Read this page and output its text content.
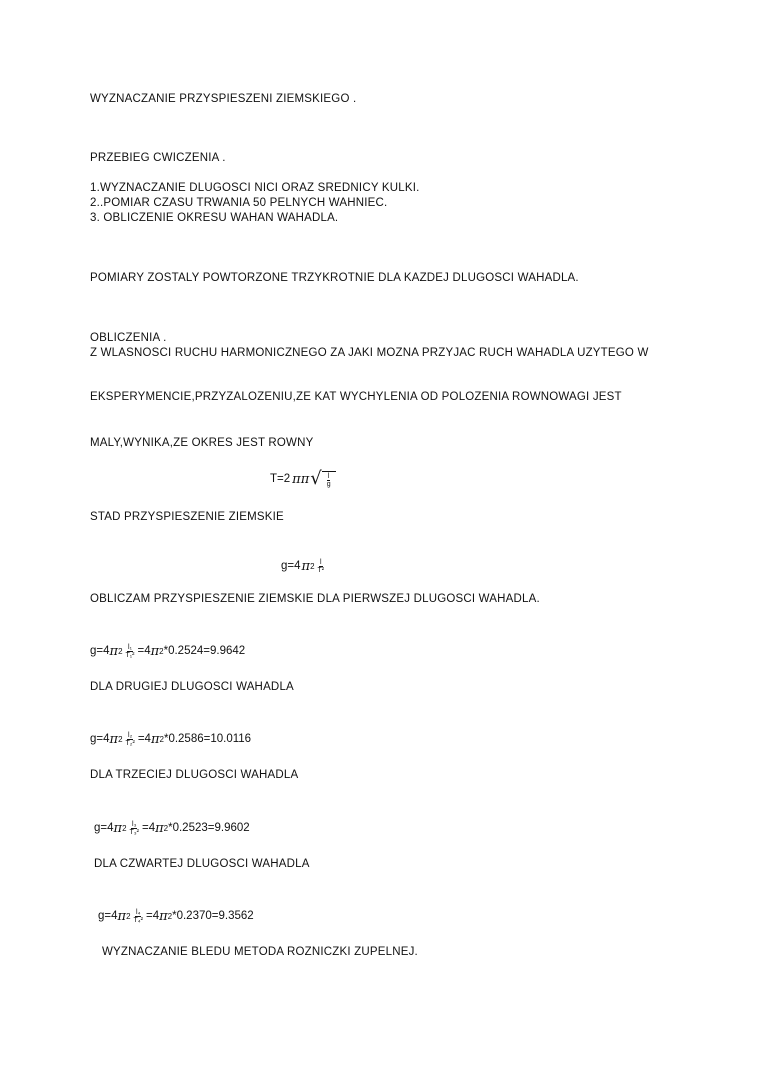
WYZNACZANIE PRZYSPIESZENI ZIEMSKIEGO .
PRZEBIEG CWICZENIA .
1.WYZNACZANIE DLUGOSCI NICI ORAZ SREDNICY KULKI.
2..POMIAR CZASU TRWANIA 50 PELNYCH WAHNIEC.
3. OBLICZENIE OKRESU WAHAN WAHADLA.
POMIARY ZOSTALY POWTORZONE TRZYKROTNIE DLA KAZDEJ DLUGOSCI WAHADLA.
OBLICZENIA .
Z WLASNOSCI RUCHU HARMONICZNEGO ZA JAKI MOZNA PRZYJAC RUCH WAHADLA UZYTEGO W
EKSPERYMENCIE,PRZYZALOZENIU,ZE KAT WYCHYLENIA OD POLOZENIA ROWNOWAGI JEST
MALY,WYNIKA,ZE OKRES JEST ROWNY
T=2 π π √ $\frac{l}{g}$
STAD PRZYSPIESZENIE ZIEMSKIE
g=4 π $2 \frac{l}{\text{T²}}$
OBLICZAM PRZYSPIESZENIE ZIEMSKIE DLA PIERWSZEJ DLUGOSCI WAHADLA.
g=4 π $2 \frac{\text{l₁}}{\text{T₁²}} =4$ π 2 *0.2524=9.9642
DLA DRUGIEJ DLUGOSCI WAHADLA
g=4 π $2 \frac{\text{l₂}}{\text{T₂²}} =4$ π 2 *0.2586=10.0116
DLA TRZECIEJ DLUGOSCI WAHADLA
g=4 π $2 \frac{\text{l₃}}{\text{T₃²}} =4$ π 2 *0.2523=9.9602
DLA CZWARTEJ DLUGOSCI WAHADLA
g=4 π $2 \frac{\text{l₄}}{\text{T₄²}} =4$ π 2 *0.2370=9.3562
WYZNACZANIE BLEDU METODA ROZNICZKI ZUPELNEJ.
